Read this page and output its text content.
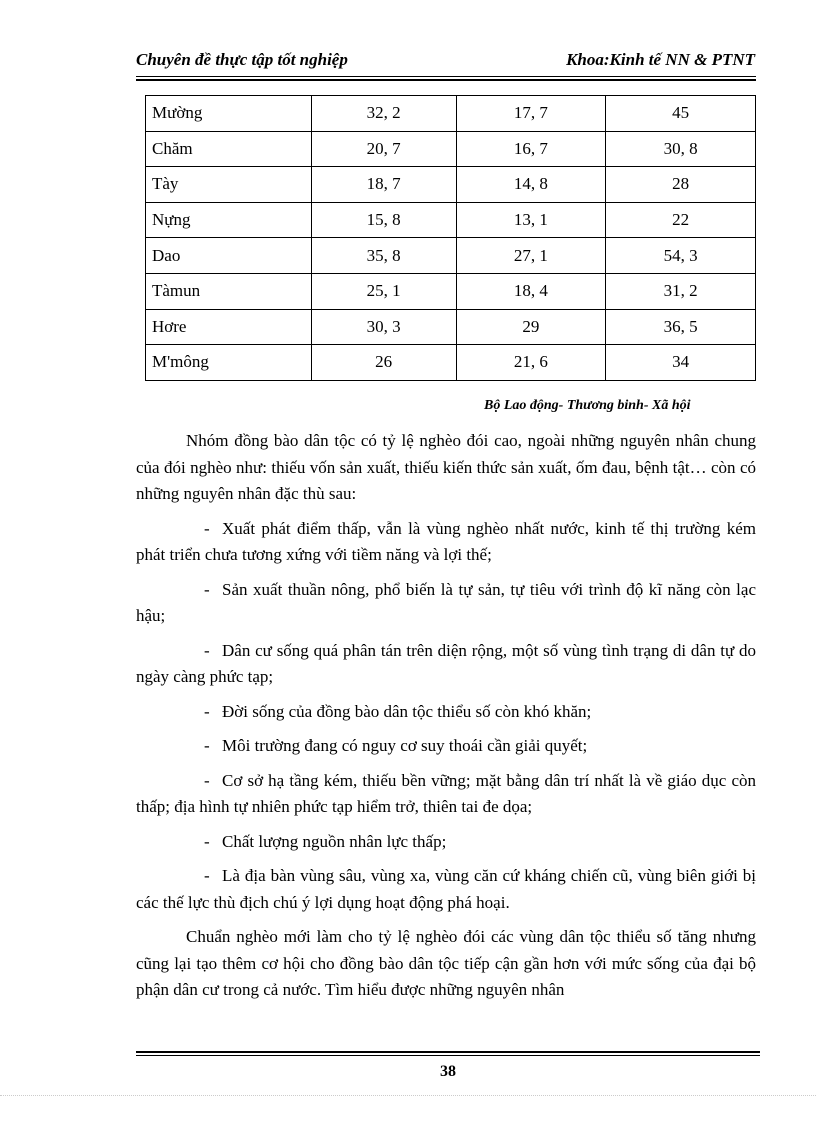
Chuyên đề thực tập tốt nghiệp	Khoa:Kinh tế NN & PTNT
Mường	32, 2	17, 7	45
Chăm	20, 7	16, 7	30, 8
Tày	18, 7	14, 8	28
Nựng	15, 8	13, 1	22
Dao	35, 8	27, 1	54, 3
Tàmun	25, 1	18, 4	31, 2
Hơre	30, 3	29	36, 5
M'mông	26	21, 6	34
Bộ Lao động- Thương binh- Xã hội

Nhóm đồng bào dân tộc có tỷ lệ nghèo đói cao, ngoài những nguyên nhân chung của đói nghèo như: thiếu vốn sản xuất, thiếu kiến thức sản xuất, ốm đau, bệnh tật… còn có những nguyên nhân đặc thù sau:

- Xuất phát điểm thấp, vẫn là vùng nghèo nhất nước, kinh tế thị trường kém phát triển chưa tương xứng với tiềm năng và lợi thế;

- Sản xuất thuần nông, phổ biến là tự sản, tự tiêu với trình độ kĩ năng còn lạc hậu;

- Dân cư sống quá phân tán trên diện rộng, một số vùng tình trạng di dân tự do ngày càng phức tạp;

- Đời sống của đồng bào dân tộc thiểu số còn khó khăn;

- Môi trường đang có nguy cơ suy thoái cần giải quyết;

- Cơ sở hạ tầng kém, thiếu bền vững; mặt bằng dân trí nhất là về giáo dục còn thấp; địa hình tự nhiên phức tạp hiểm trở, thiên tai đe dọa;

- Chất lượng nguồn nhân lực thấp;

- Là địa bàn vùng sâu, vùng xa, vùng căn cứ kháng chiến cũ, vùng biên giới bị các thế lực thù địch chú ý lợi dụng hoạt động phá hoại.

Chuẩn nghèo mới làm cho tỷ lệ nghèo đói các vùng dân tộc thiểu số tăng nhưng cũng lại tạo thêm cơ hội cho đồng bào dân tộc tiếp cận gần hơn với mức sống của đại bộ phận dân cư trong cả nước. Tìm hiểu được những nguyên nhân

38
